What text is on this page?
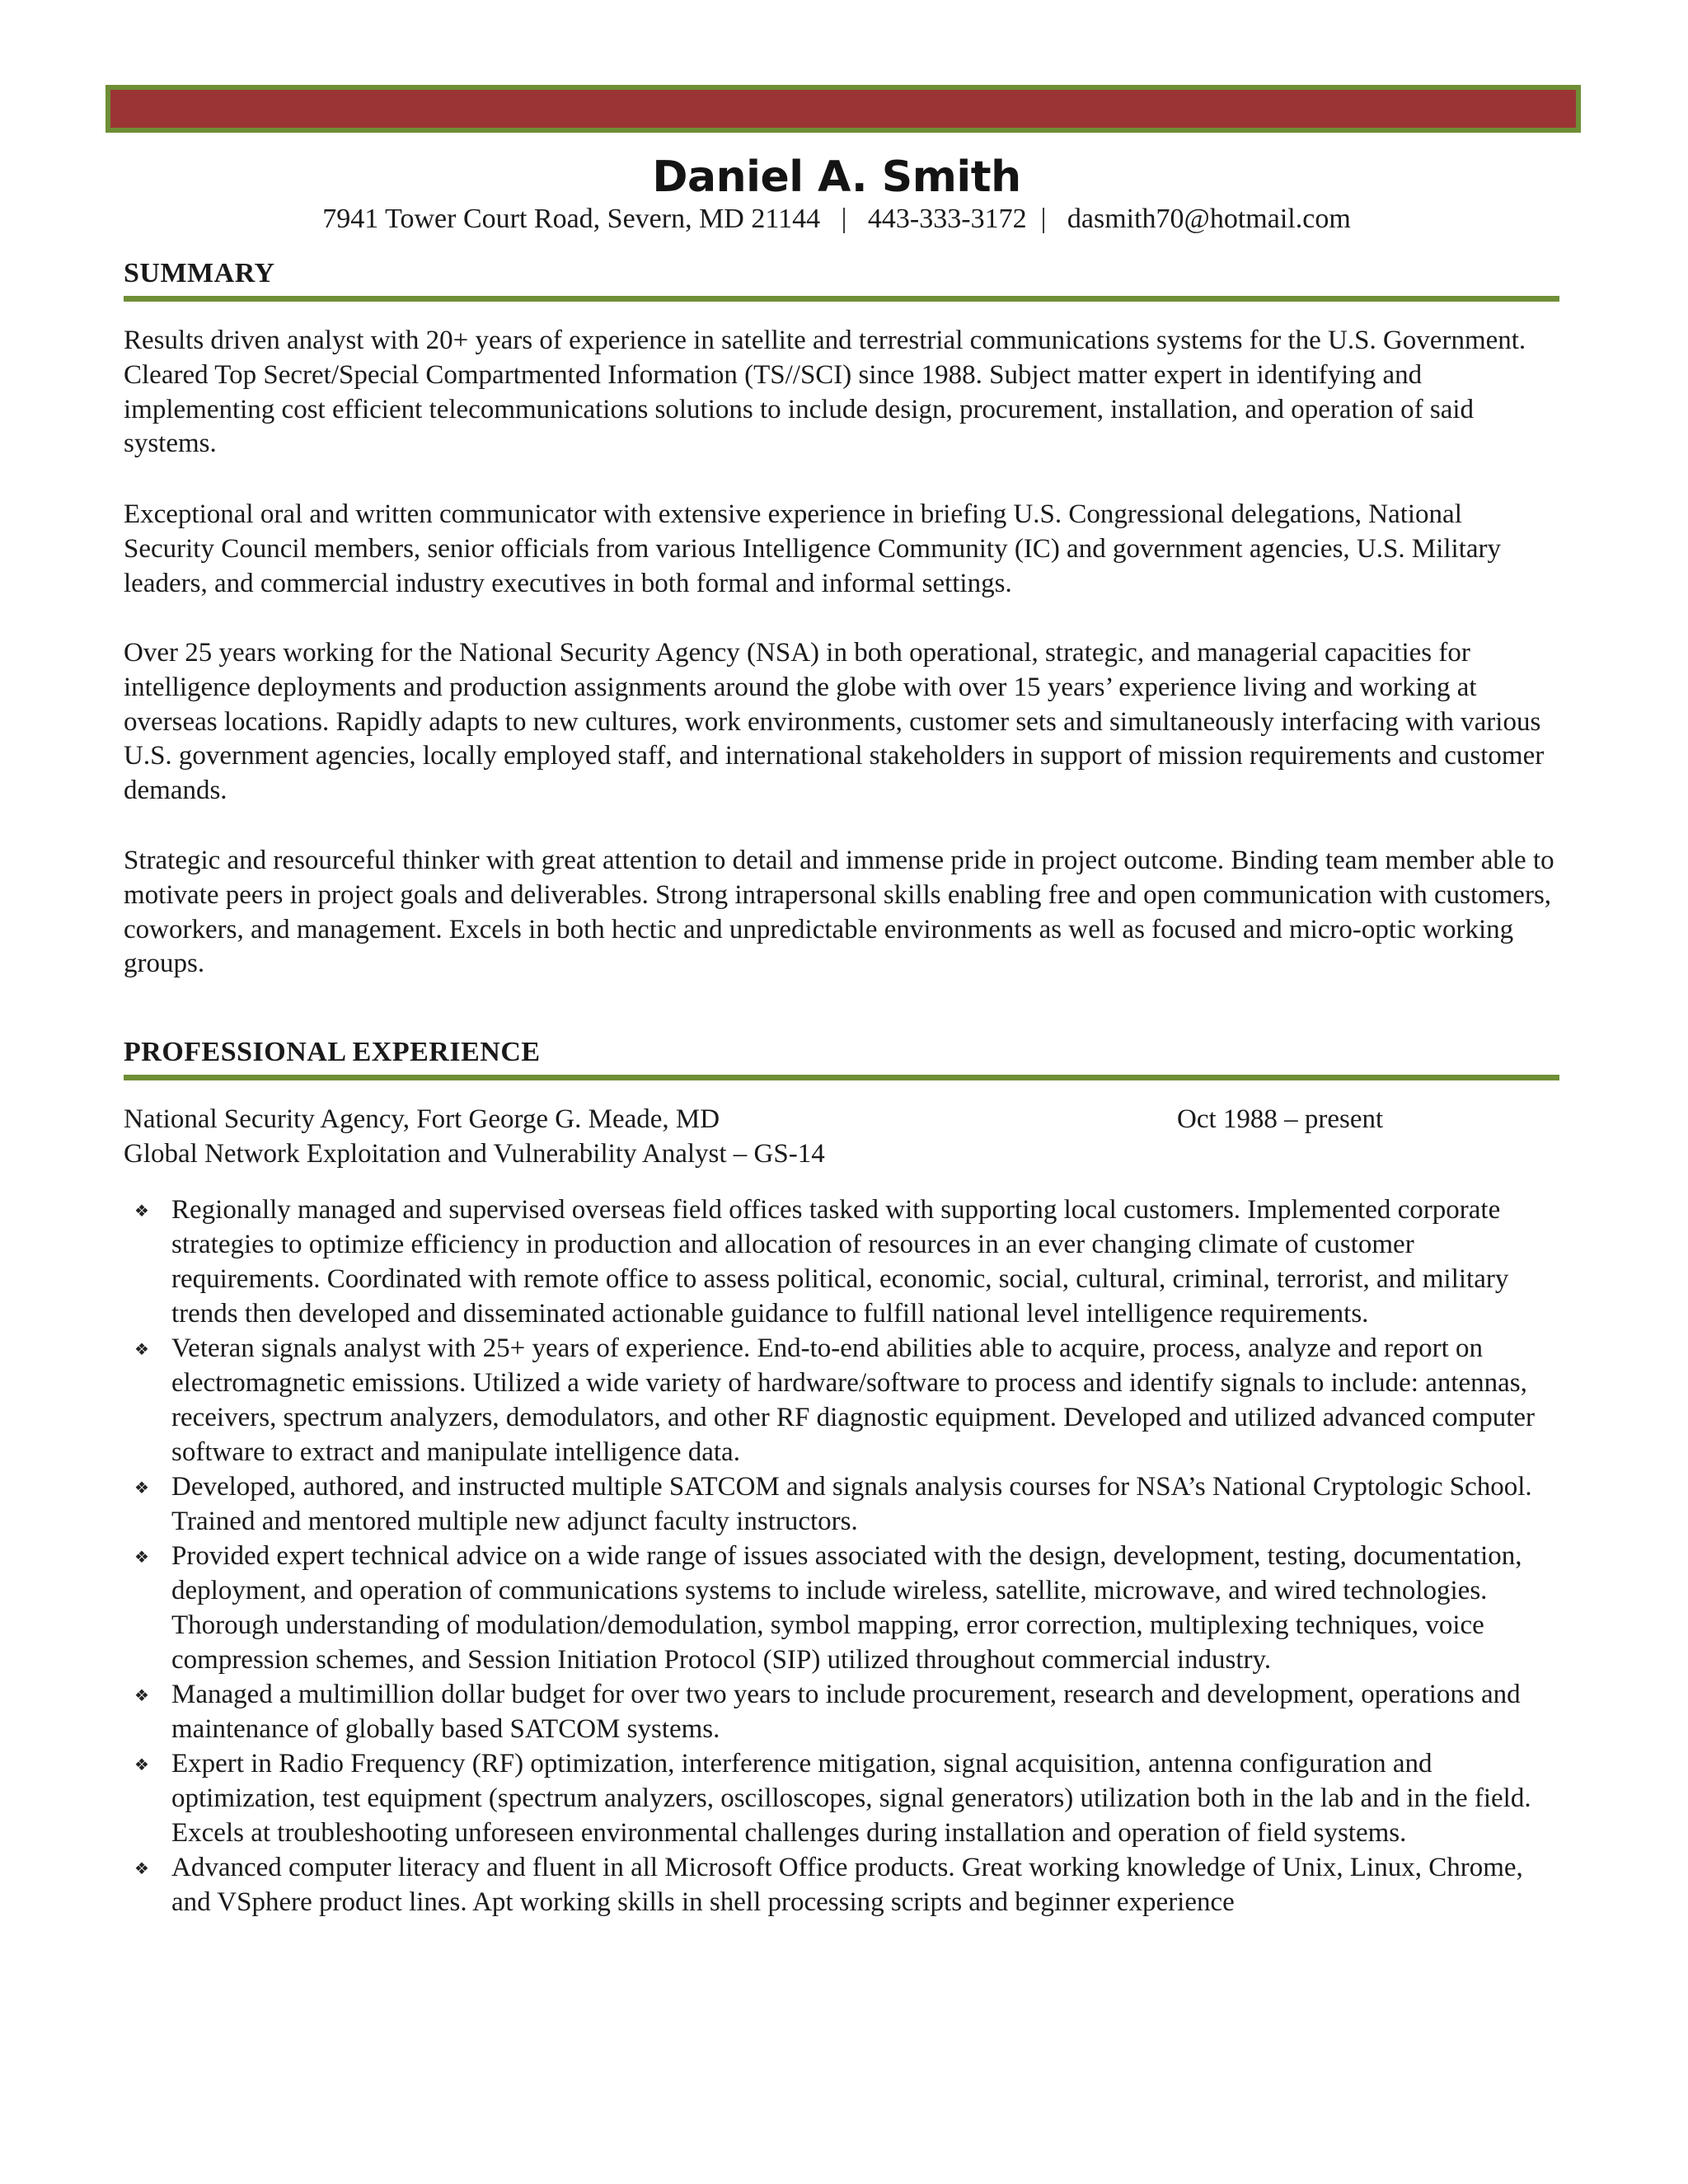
Daniel A. Smith
7941 Tower Court Road, Severn, MD 21144 | 443-333-3172 | dasmith70@hotmail.com
SUMMARY

Results driven analyst with 20+ years of experience in satellite and terrestrial communications systems for the U.S. Government. Cleared Top Secret/Special Compartmented Information (TS//SCI) since 1988. Subject matter expert in identifying and implementing cost efficient telecommunications solutions to include design, procurement, installation, and operation of said systems.

Exceptional oral and written communicator with extensive experience in briefing U.S. Congressional delegations, National Security Council members, senior officials from various Intelligence Community (IC) and government agencies, U.S. Military leaders, and commercial industry executives in both formal and informal settings.

Over 25 years working for the National Security Agency (NSA) in both operational, strategic, and managerial capacities for intelligence deployments and production assignments around the globe with over 15 years’ experience living and working at overseas locations. Rapidly adapts to new cultures, work environments, customer sets and simultaneously interfacing with various U.S. government agencies, locally employed staff, and international stakeholders in support of mission requirements and customer demands.

Strategic and resourceful thinker with great attention to detail and immense pride in project outcome. Binding team member able to motivate peers in project goals and deliverables. Strong intrapersonal skills enabling free and open communication with customers, coworkers, and management. Excels in both hectic and unpredictable environments as well as focused and micro-optic working groups.

PROFESSIONAL EXPERIENCE
National Security Agency, Fort George G. Meade, MD	Oct 1988 – present
Global Network Exploitation and Vulnerability Analyst – GS-14
❖ Regionally managed and supervised overseas field offices tasked with supporting local customers. Implemented corporate strategies to optimize efficiency in production and allocation of resources in an ever changing climate of customer requirements. Coordinated with remote office to assess political, economic, social, cultural, criminal, terrorist, and military trends then developed and disseminated actionable guidance to fulfill national level intelligence requirements.
❖ Veteran signals analyst with 25+ years of experience. End-to-end abilities able to acquire, process, analyze and report on electromagnetic emissions. Utilized a wide variety of hardware/software to process and identify signals to include: antennas, receivers, spectrum analyzers, demodulators, and other RF diagnostic equipment. Developed and utilized advanced computer software to extract and manipulate intelligence data.
❖ Developed, authored, and instructed multiple SATCOM and signals analysis courses for NSA’s National Cryptologic School. Trained and mentored multiple new adjunct faculty instructors.
❖ Provided expert technical advice on a wide range of issues associated with the design, development, testing, documentation, deployment, and operation of communications systems to include wireless, satellite, microwave, and wired technologies. Thorough understanding of modulation/demodulation, symbol mapping, error correction, multiplexing techniques, voice compression schemes, and Session Initiation Protocol (SIP) utilized throughout commercial industry.
❖ Managed a multimillion dollar budget for over two years to include procurement, research and development, operations and maintenance of globally based SATCOM systems.
❖ Expert in Radio Frequency (RF) optimization, interference mitigation, signal acquisition, antenna configuration and optimization, test equipment (spectrum analyzers, oscilloscopes, signal generators) utilization both in the lab and in the field. Excels at troubleshooting unforeseen environmental challenges during installation and operation of field systems.
❖ Advanced computer literacy and fluent in all Microsoft Office products. Great working knowledge of Unix, Linux, Chrome, and VSphere product lines. Apt working skills in shell processing scripts and beginner experience
